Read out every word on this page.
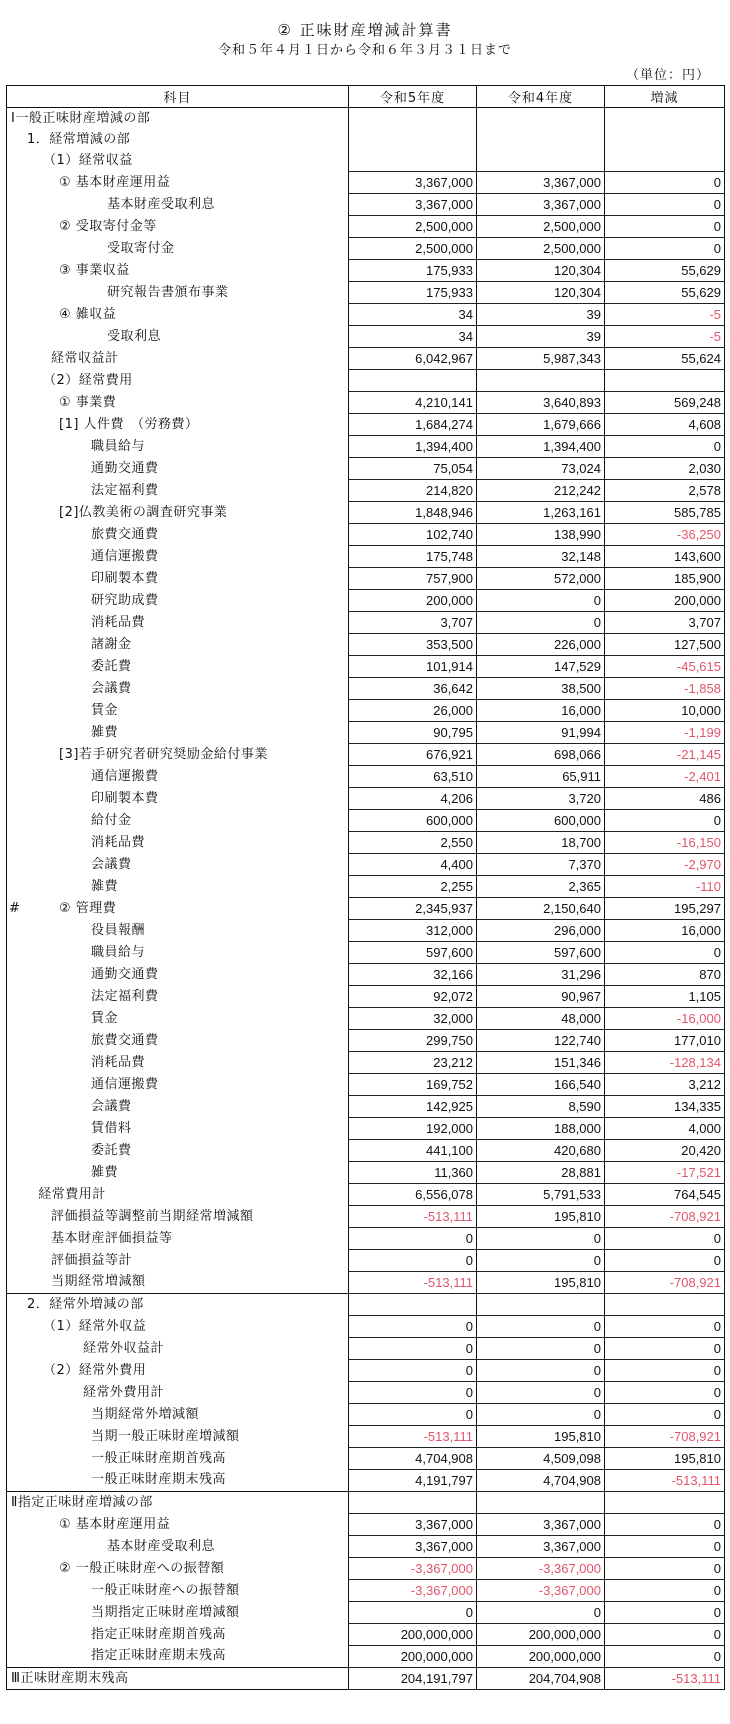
② 正味財産増減計算書
令和５年４月１日から令和６年３月３１日まで
（単位：円）
科目	令和5年度	令和4年度	増減
Ⅰ一般正味財産増減の部			
1．経常増減の部			
（1）経常収益			
① 基本財産運用益	3,367,000	3,367,000	0
基本財産受取利息	3,367,000	3,367,000	0
② 受取寄付金等	2,500,000	2,500,000	0
受取寄付金	2,500,000	2,500,000	0
③ 事業収益	175,933	120,304	55,629
研究報告書頒布事業	175,933	120,304	55,629
④ 雑収益	34	39	-5
受取利息	34	39	-5
経常収益計	6,042,967	5,987,343	55,624
（2）経常費用			
① 事業費	4,210,141	3,640,893	569,248
[1] 人件費　（労務費）	1,684,274	1,679,666	4,608
職員給与	1,394,400	1,394,400	0
通勤交通費	75,054	73,024	2,030
法定福利費	214,820	212,242	2,578
[2]仏教美術の調査研究事業	1,848,946	1,263,161	585,785
旅費交通費	102,740	138,990	-36,250
通信運搬費	175,748	32,148	143,600
印刷製本費	757,900	572,000	185,900
研究助成費	200,000	0	200,000
消耗品費	3,707	0	3,707
諸謝金	353,500	226,000	127,500
委託費	101,914	147,529	-45,615
会議費	36,642	38,500	-1,858
賃金	26,000	16,000	10,000
雑費	90,795	91,994	-1,199
[3]若手研究者研究奨励金給付事業	676,921	698,066	-21,145
通信運搬費	63,510	65,911	-2,401
印刷製本費	4,206	3,720	486
給付金	600,000	600,000	0
消耗品費	2,550	18,700	-16,150
会議費	4,400	7,370	-2,970
雑費	2,255	2,365	-110

# ② 管理費	2,345,937	2,150,640	195,297
役員報酬	312,000	296,000	16,000
職員給与	597,600	597,600	0
通勤交通費	32,166	31,296	870
法定福利費	92,072	90,967	1,105
賃金	32,000	48,000	-16,000
旅費交通費	299,750	122,740	177,010
消耗品費	23,212	151,346	-128,134
通信運搬費	169,752	166,540	3,212
会議費	142,925	8,590	134,335
賃借料	192,000	188,000	4,000
委託費	441,100	420,680	20,420
雑費	11,360	28,881	-17,521
経常費用計	6,556,078	5,791,533	764,545
評価損益等調整前当期経常増減額	-513,111	195,810	-708,921
基本財産評価損益等	0	0	0
評価損益等計	0	0	0
当期経常増減額	-513,111	195,810	-708,921
2．経常外増減の部			
（1）経常外収益	0	0	0
経常外収益計	0	0	0
（2）経常外費用	0	0	0
経常外費用計	0	0	0
当期経常外増減額	0	0	0
当期一般正味財産増減額	-513,111	195,810	-708,921
一般正味財産期首残高	4,704,908	4,509,098	195,810
一般正味財産期末残高	4,191,797	4,704,908	-513,111
Ⅱ指定正味財産増減の部			
① 基本財産運用益	3,367,000	3,367,000	0
基本財産受取利息	3,367,000	3,367,000	0
② 一般正味財産への振替額	-3,367,000	-3,367,000	0
一般正味財産への振替額	-3,367,000	-3,367,000	0
当期指定正味財産増減額	0	0	0
指定正味財産期首残高	200,000,000	200,000,000	0
指定正味財産期末残高	200,000,000	200,000,000	0
Ⅲ正味財産期末残高	204,191,797	204,704,908	-513,111
